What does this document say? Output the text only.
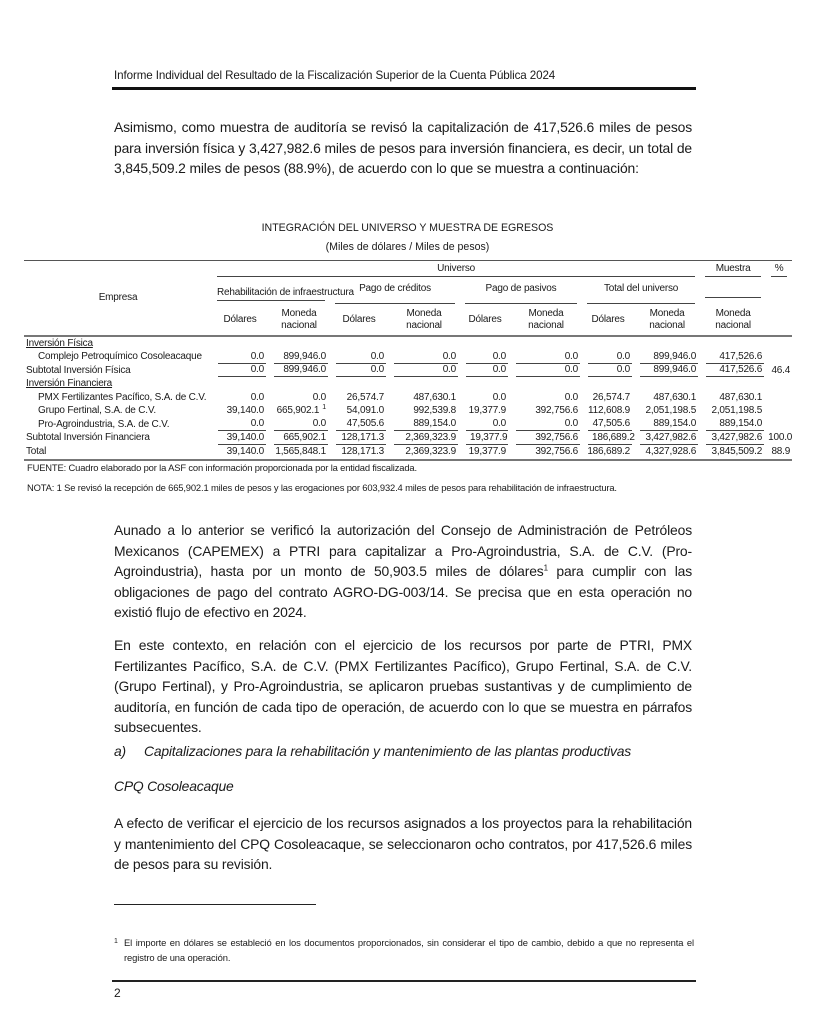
Informe Individual del Resultado de la Fiscalización Superior de la Cuenta Pública 2024
Asimismo, como muestra de auditoría se revisó la capitalización de 417,526.6 miles de pesos para inversión física y 3,427,982.6 miles de pesos para inversión financiera, es decir, un total de 3,845,509.2 miles de pesos (88.9%), de acuerdo con lo que se muestra a continuación:
INTEGRACIÓN DEL UNIVERSO Y MUESTRA DE EGRESOS
(Miles de dólares / Miles de pesos)
Empresa	Universo								Muestra	%

	Rehabilitación de infraestructura		Pago de créditos		Pago de pasivos		Total del universo			

	Dólares	Moneda nacional	Dólares	Moneda nacional	Dólares	Moneda nacional	Dólares	Moneda nacional	Moneda nacional	
Inversión Física										
Complejo Petroquímico Cosoleacaque	0.0	899,946.0	0.0	0.0	0.0	0.0	0.0	899,946.0	417,526.6	

Subtotal Inversión Física	0.0	899,946.0	0.0	0.0	0.0	0.0	0.0	899,946.0	417,526.6	46.4
Inversión Financiera										
PMX Fertilizantes Pacífico, S.A. de C.V.	0.0	0.0	26,574.7	487,630.1	0.0	0.0	26,574.7	487,630.1	487,630.1	

Grupo Fertinal, S.A. de C.V.	39,140.0	665,902.1 $^1$	54,091.0	992,539.8	19,377.9	392,756.6	112,608.9	2,051,198.5	2,051,198.5	

Pro-Agroindustria, S.A. de C.V.	0.0	0.0	47,505.6	889,154.0	0.0	0.0	47,505.6	889,154.0	889,154.0	

Subtotal Inversión Financiera	39,140.0	665,902.1	128,171.3	2,369,323.9	19,377.9	392,756.6	186,689.2	3,427,982.6	3,427,982.6	100.0
Total	39,140.0	1,565,848.1	128,171.3	2,369,323.9	19,377.9	392,756.6	186,689.2	4,327,928.6	3,845,509.2	88.9
FUENTE: Cuadro elaborado por la ASF con información proporcionada por la entidad fiscalizada.
NOTA: 1 Se revisó la recepción de 665,902.1 miles de pesos y las erogaciones por 603,932.4 miles de pesos para rehabilitación de infraestructura.
Aunado a lo anterior se verificó la autorización del Consejo de Administración de Petróleos Mexicanos (CAPEMEX) a PTRI para capitalizar a Pro-Agroindustria, S.A. de C.V. (Pro-Agroindustria), hasta por un monto de 50,903.5 miles de dólares$^1$ para cumplir con las obligaciones de pago del contrato AGRO-DG-003/14. Se precisa que en esta operación no existió flujo de efectivo en 2024.
En este contexto, en relación con el ejercicio de los recursos por parte de PTRI, PMX Fertilizantes Pacífico, S.A. de C.V. (PMX Fertilizantes Pacífico), Grupo Fertinal, S.A. de C.V. (Grupo Fertinal), y Pro-Agroindustria, se aplicaron pruebas sustantivas y de cumplimiento de auditoría, en función de cada tipo de operación, de acuerdo con lo que se muestra en párrafos subsecuentes.
a) Capitalizaciones para la rehabilitación y mantenimiento de las plantas productivas
CPQ Cosoleacaque
A efecto de verificar el ejercicio de los recursos asignados a los proyectos para la rehabilitación y mantenimiento del CPQ Cosoleacaque, se seleccionaron ocho contratos, por 417,526.6 miles de pesos para su revisión.
1 El importe en dólares se estableció en los documentos proporcionados, sin considerar el tipo de cambio, debido a que no representa el registro de una operación.
2
